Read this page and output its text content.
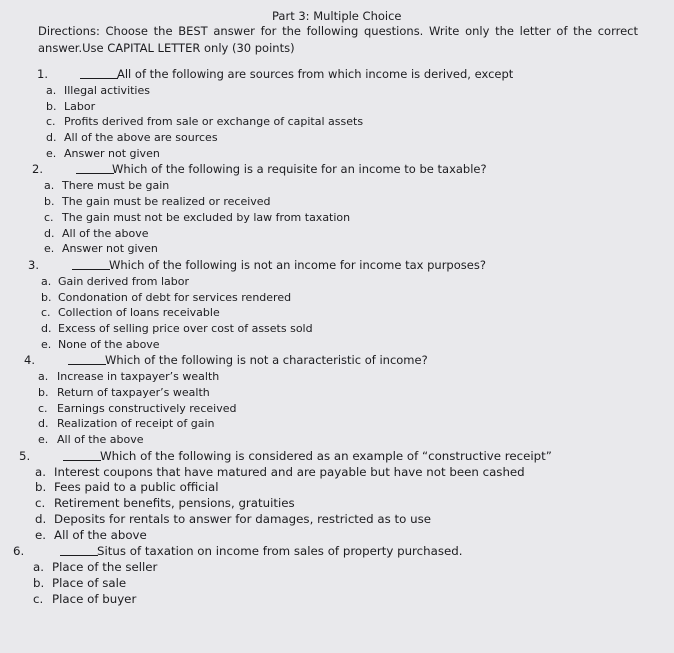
Part 3: Multiple Choice

Directions: Choose the BEST answer for the following questions. Write only the letter of the correct answer.Use CAPITAL LETTER only (30 points)

1.	All of the following are sources from which income is derived, except
a. Illegal activities
b. Labor
c. Profits derived from sale or exchange of capital assets
d. All of the above are sources
e. Answer not given
2.	Which of the following is a requisite for an income to be taxable?
a. There must be gain
b. The gain must be realized or received
c. The gain must not be excluded by law from taxation
d. All of the above
e. Answer not given
3.	Which of the following is not an income for income tax purposes?
a. Gain derived from labor
b. Condonation of debt for services rendered
c. Collection of loans receivable
d. Excess of selling price over cost of assets sold
e. None of the above
4.	Which of the following is not a characteristic of income?
a. Increase in taxpayer’s wealth
b. Return of taxpayer’s wealth
c. Earnings constructively received
d. Realization of receipt of gain
e. All of the above
5.	Which of the following is considered as an example of “constructive receipt”
a. Interest coupons that have matured and are payable but have not been cashed
b. Fees paid to a public official
c. Retirement benefits, pensions, gratuities
d. Deposits for rentals to answer for damages, restricted as to use
e. All of the above
6.	Situs of taxation on income from sales of property purchased.
a. Place of the seller
b. Place of sale
c. Place of buyer
